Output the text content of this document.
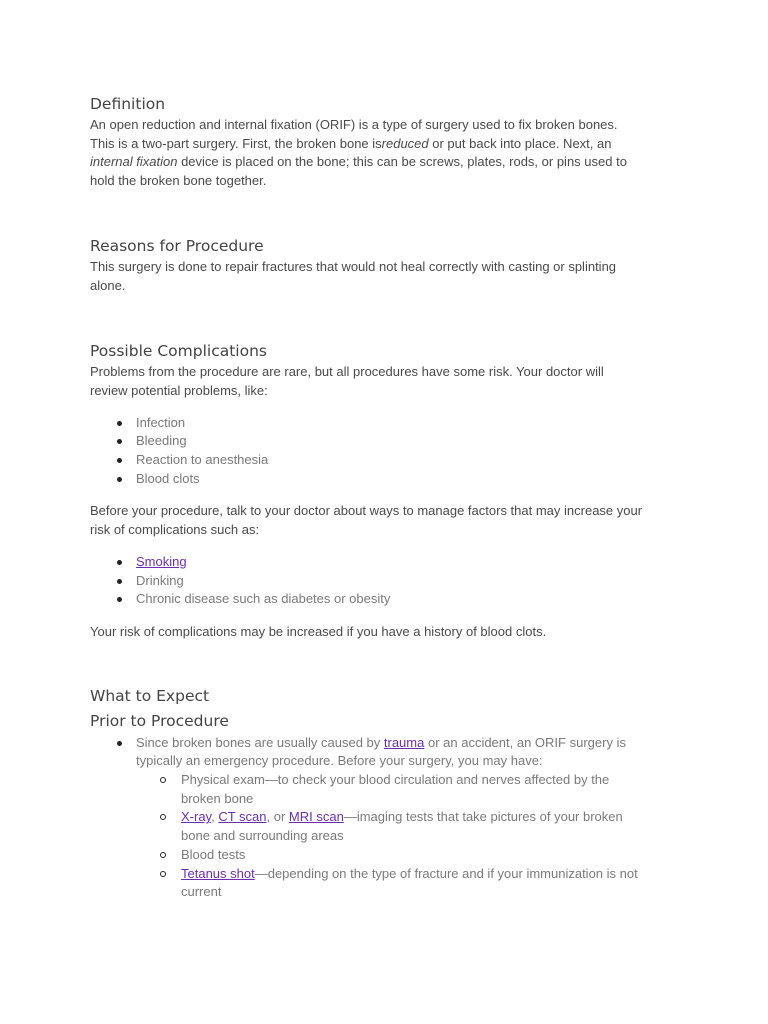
Definition
An open reduction and internal fixation (ORIF) is a type of surgery used to fix broken bones.
This is a two-part surgery. First, the broken bone isreduced or put back into place. Next, an
internal fixation device is placed on the bone; this can be screws, plates, rods, or pins used to
hold the broken bone together.
Reasons for Procedure
This surgery is done to repair fractures that would not heal correctly with casting or splinting
alone.
Possible Complications
Problems from the procedure are rare, but all procedures have some risk. Your doctor will
review potential problems, like:
Infection
Bleeding
Reaction to anesthesia
Blood clots
Before your procedure, talk to your doctor about ways to manage factors that may increase your
risk of complications such as:
Smoking
Drinking
Chronic disease such as diabetes or obesity
Your risk of complications may be increased if you have a history of blood clots.
What to Expect
Prior to Procedure
Since broken bones are usually caused by trauma or an accident, an ORIF surgery is
typically an emergency procedure. Before your surgery, you may have:
Physical exam—to check your blood circulation and nerves affected by the
broken bone
X-ray, CT scan, or MRI scan—imaging tests that take pictures of your broken
bone and surrounding areas
Blood tests
Tetanus shot—depending on the type of fracture and if your immunization is not
current
